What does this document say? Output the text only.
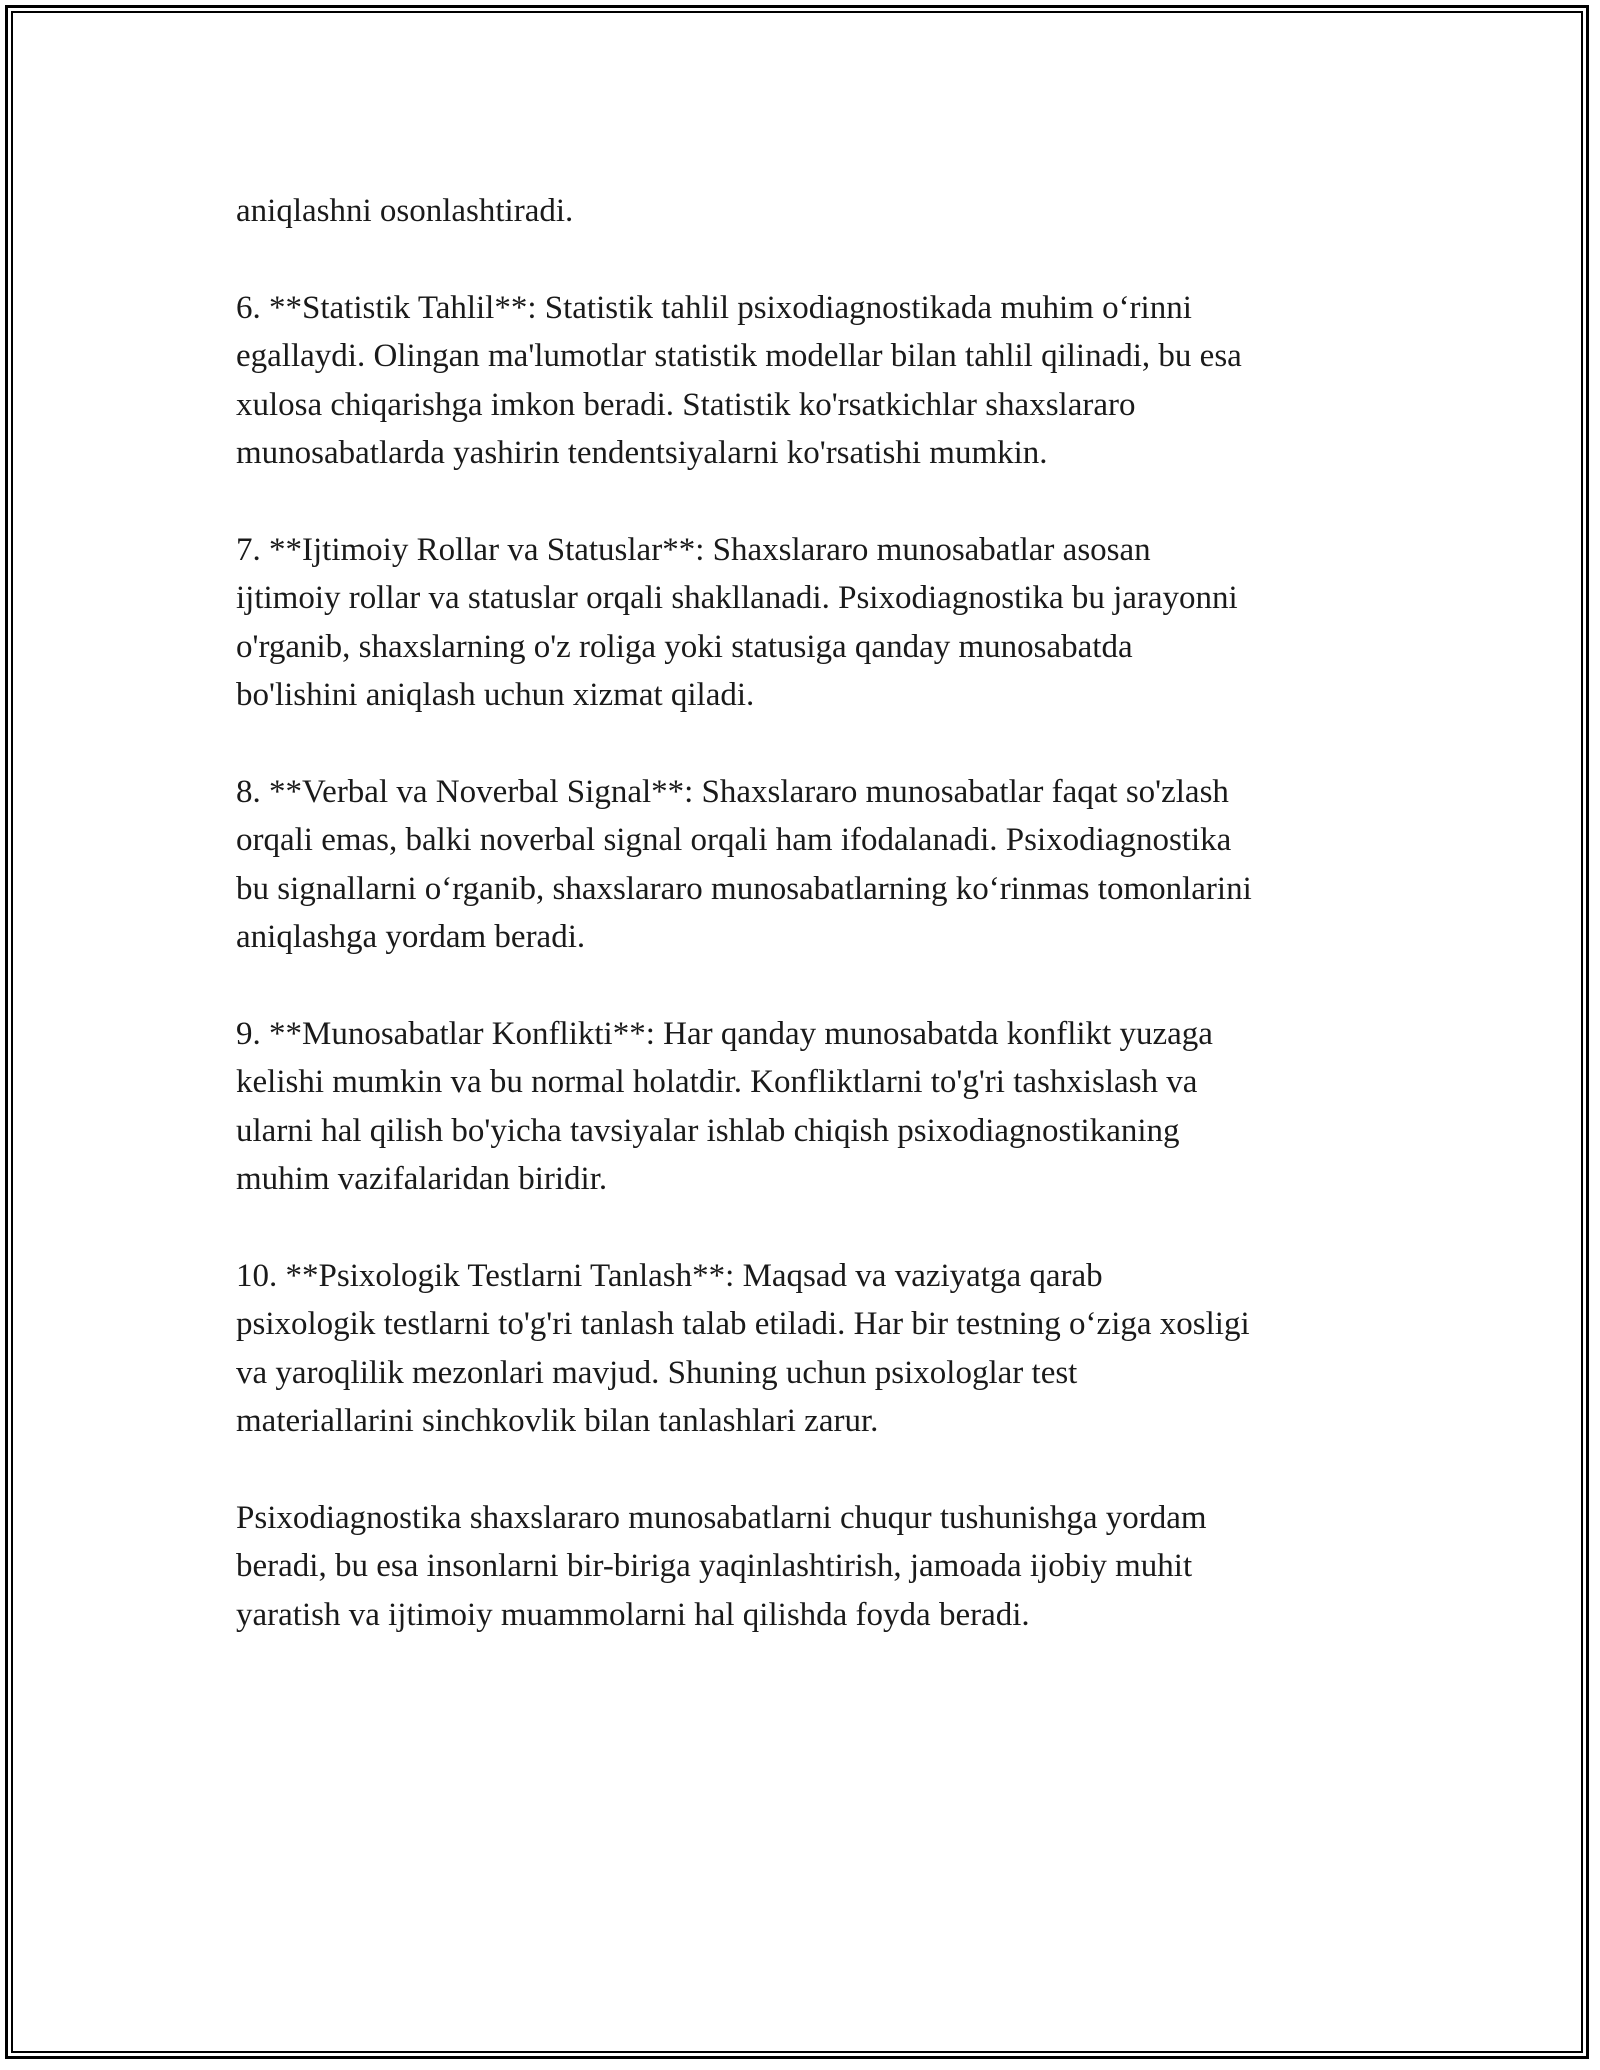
aniqlashni osonlashtiradi.

6. **Statistik Tahlil**: Statistik tahlil psixodiagnostikada muhim o‘rinni
egallaydi. Olingan ma'lumotlar statistik modellar bilan tahlil qilinadi, bu esa
xulosa chiqarishga imkon beradi. Statistik ko'rsatkichlar shaxslararo
munosabatlarda yashirin tendentsiyalarni ko'rsatishi mumkin.

7. **Ijtimoiy Rollar va Statuslar**: Shaxslararo munosabatlar asosan
ijtimoiy rollar va statuslar orqali shakllanadi. Psixodiagnostika bu jarayonni
o'rganib, shaxslarning o'z roliga yoki statusiga qanday munosabatda
bo'lishini aniqlash uchun xizmat qiladi.

8. **Verbal va Noverbal Signal**: Shaxslararo munosabatlar faqat so'zlash
orqali emas, balki noverbal signal orqali ham ifodalanadi. Psixodiagnostika
bu signallarni o‘rganib, shaxslararo munosabatlarning ko‘rinmas tomonlarini
aniqlashga yordam beradi.

9. **Munosabatlar Konflikti**: Har qanday munosabatda konflikt yuzaga
kelishi mumkin va bu normal holatdir. Konfliktlarni to'g'ri tashxislash va
ularni hal qilish bo'yicha tavsiyalar ishlab chiqish psixodiagnostikaning
muhim vazifalaridan biridir.

10. **Psixologik Testlarni Tanlash**: Maqsad va vaziyatga qarab
psixologik testlarni to'g'ri tanlash talab etiladi. Har bir testning o‘ziga xosligi
va yaroqlilik mezonlari mavjud. Shuning uchun psixologlar test
materiallarini sinchkovlik bilan tanlashlari zarur.

Psixodiagnostika shaxslararo munosabatlarni chuqur tushunishga yordam
beradi, bu esa insonlarni bir-biriga yaqinlashtirish, jamoada ijobiy muhit
yaratish va ijtimoiy muammolarni hal qilishda foyda beradi.
